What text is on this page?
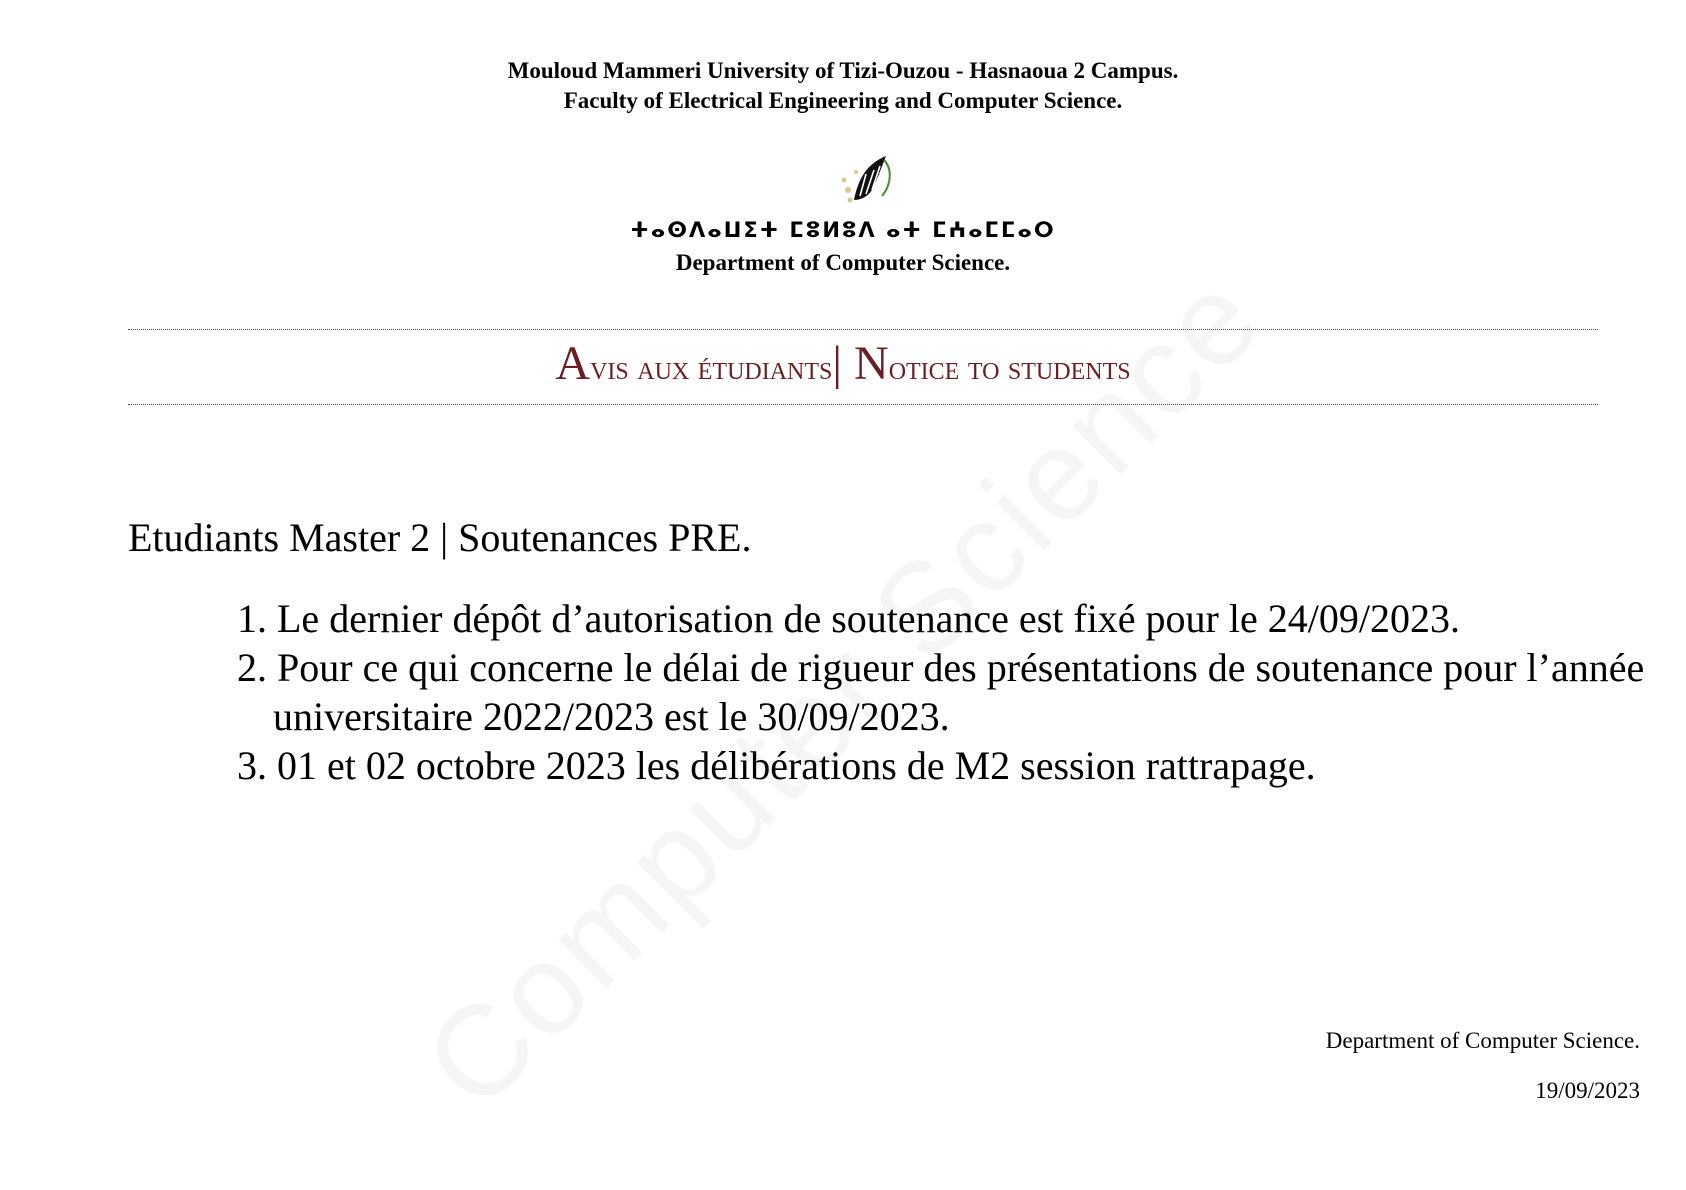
Mouloud Mammeri University of Tizi-Ouzou - Hasnaoua 2 Campus.
Faculty of Electrical Engineering and Computer Science.
ⵜⴰⵙⴷⴰⵡⵉⵜ ⵎⵓⵍⵓⴷ ⴰⵜ ⵎⵄⴰⵎⵎⴰⵔ
Department of Computer Science.
Avis aux étudiants| Notice to students
Etudiants Master 2 | Soutenances PRE.
1. Le dernier dépôt d’autorisation de soutenance est fixé pour le 24/09/2023.
2. Pour ce qui concerne le délai de rigueur des présentations de soutenance pour l’année universitaire 2022/2023 est le 30/09/2023.
3. 01 et 02 octobre 2023 les délibérations de M2 session rattrapage.
Department of Computer Science.
19/09/2023
